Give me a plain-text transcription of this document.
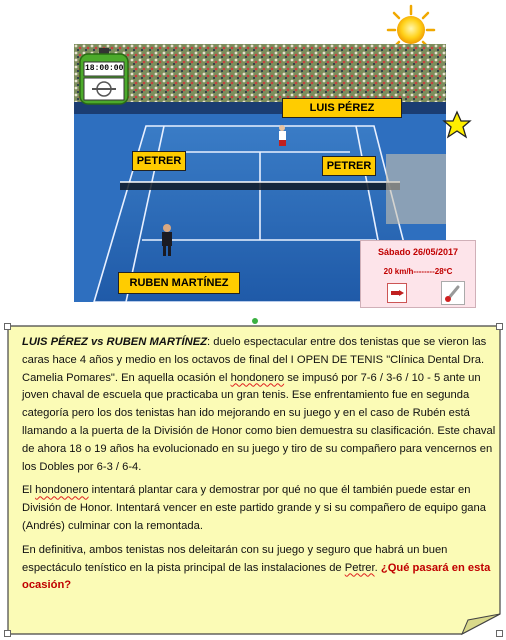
18:00:00
LUIS PÉREZ
PETRER	PETRER
RUBEN MARTÍNEZ
Sábado 26/05/2017
20 km/h--------28ºC

LUIS PÉREZ vs RUBEN MARTÍNEZ: duelo espectacular entre dos tenistas que se vieron las caras hace 4 años y medio en los octavos de final del I OPEN DE TENIS "Clínica Dental Dra. Camelia Pomares". En aquella ocasión el hondonero se impusó por 7-6 / 3-6 / 10 - 5 ante un joven chaval de escuela que practicaba un gran tenis. Ese enfrentamiento fue en segunda categoría pero los dos tenistas han ido mejorando en su juego y en el caso de Rubén está llamando a la puerta de la División de Honor como bien demuestra su clasificación. Este chaval de ahora 18 o 19 años ha evolucionado en su juego y tiro de su compañero para vencernos en los Dobles por 6-3 / 6-4.

El hondonero intentará plantar cara y demostrar por qué no que él también puede estar en División de Honor. Intentará vencer en este partido grande y si su compañero de equipo gana (Andrés) culminar con la remontada.

En definitiva, ambos tenistas nos deleitarán con su juego y seguro que habrá un buen espectáculo tenístico en la pista principal de las instalaciones de Petrer. ¿Qué pasará en esta ocasión?
